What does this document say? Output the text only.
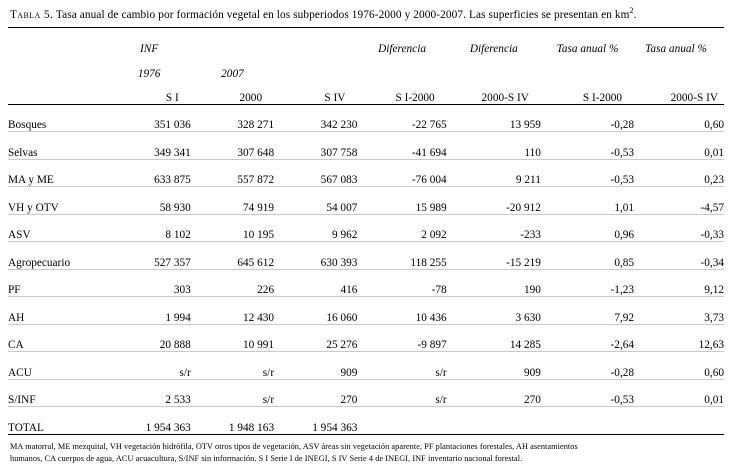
Tabla 5. Tasa anual de cambio por formación vegetal en los subperiodos 1976-2000 y 2000-2007. Las superficies se presentan en $km^2$.
	INF			Diferencia	Diferencia	Tasa anual %	Tasa anual %
	1976	2007					
	S I	2000	S IV	S I-2000	2000-S IV	S I-2000	2000-S IV
Bosques	351 036	328 271	342 230	-22 765	13 959	-0,28	0,60
Selvas	349 341	307 648	307 758	-41 694	110	-0,53	0,01
MA y ME	633 875	557 872	567 083	-76 004	9 211	-0,53	0,23
VH y OTV	58 930	74 919	54 007	15 989	-20 912	1,01	-4,57
ASV	8 102	10 195	9 962	2 092	-233	0,96	-0,33
Agropecuario	527 357	645 612	630 393	118 255	-15 219	0,85	-0,34
PF	303	226	416	-78	190	-1,23	9,12
AH	1 994	12 430	16 060	10 436	3 630	7,92	3,73
CA	20 888	10 991	25 276	-9 897	14 285	-2,64	12,63
ACU	s/r	s/r	909	s/r	909	-0,28	0,60
S/INF	2 533	s/r	270	s/r	270	-0,53	0,01
TOTAL	1 954 363	1 948 163	1 954 363				
MA matorral, ME mezquital, VH vegetación hidrófila, OTV otros tipos de vegetación, ASV áreas sin vegetación aparente, PF plantaciones forestales, AH asentamientos
humanos, CA cuerpos de agua, ACU acuacultura, S/INF sin información. S I Serie I de INEGI, S IV Serie 4 de INEGI, INF inventario nacional forestal.
